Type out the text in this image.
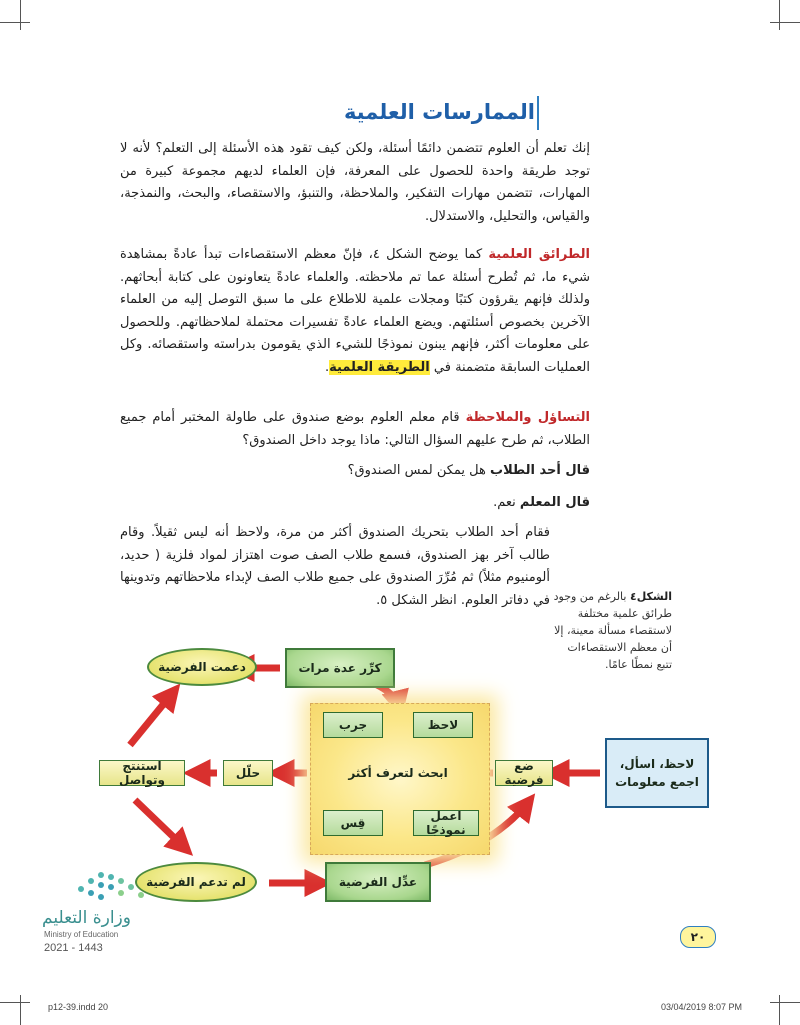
الممارسات العلمية
إنك تعلم أن العلوم تتضمن دائمًا أسئلة، ولكن كيف تقود هذه الأسئلة إلى التعلم؟ لأنه لا توجد طريقة واحدة للحصول على المعرفة، فإن العلماء لديهم مجموعة كبيرة من المهارات، تتضمن مهارات التفكير، والملاحظة، والتنبؤ، والاستقصاء، والبحث، والنمذجة، والقياس، والتحليل، والاستدلال.
الطرائق العلمية كما يوضح الشكل ٤، فإنّ معظم الاستقصاءات تبدأ عادةً بمشاهدة شيء ما، ثم تُطرح أسئلة عما تم ملاحظته. والعلماء عادةً يتعاونون على كتابة أبحاثهم. ولذلك فإنهم يقرؤون كتبًا ومجلات علمية للاطلاع على ما سبق التوصل إليه من العلماء الآخرين بخصوص أسئلتهم. ويضع العلماء عادةً تفسيرات محتملة لملاحظاتهم. وللحصول على معلومات أكثر، فإنهم يبنون نموذجًا للشيء الذي يقومون بدراسته واستقصائه. وكل العمليات السابقة متضمنة في الطريقة العلمية.
التساؤل والملاحظة قام معلم العلوم بوضع صندوق على طاولة المختبر أمام جميع الطلاب، ثم طرح عليهم السؤال التالي: ماذا يوجد داخل الصندوق؟
قال أحد الطلاب هل يمكن لمس الصندوق؟
قال المعلم نعم.
فقام أحد الطلاب بتحريك الصندوق أكثر من مرة، ولاحظ أنه ليس ثقيلاً. وقام طالب آخر بهز الصندوق، فسمع طلاب الصف صوت اهتزاز لمواد فلزية ( حديد، ألومنيوم مثلاً) ثم مُرِّرَ الصندوق على جميع طلاب الصف لإبداء ملاحظاتهم وتدوينها في دفاتر العلوم. انظر الشكل ٥.	الشكل٤ بالرغم من وجود طرائق علمية مختلفة لاستقصاء مسألة معينة، إلا أن معظم الاستقصاءات تتبع نمطًا عامًا.
دعمت الفرضية	كرِّر عدة مرات
لاحظ
جرب
ابحث لتعرف أكثر
اعمل نموذجًا
قِس
ضع فرضية
حلّل
استنتج وتواصل
لاحظ، اسأل،
اجمع معلومات
لم تدعم الفرضية	عدِّل الفرضية
وزارة التعليم
Ministry of Education
2021 - 1443
٢٠
p12-39.indd 20	03/04/2019 8:07 PM
